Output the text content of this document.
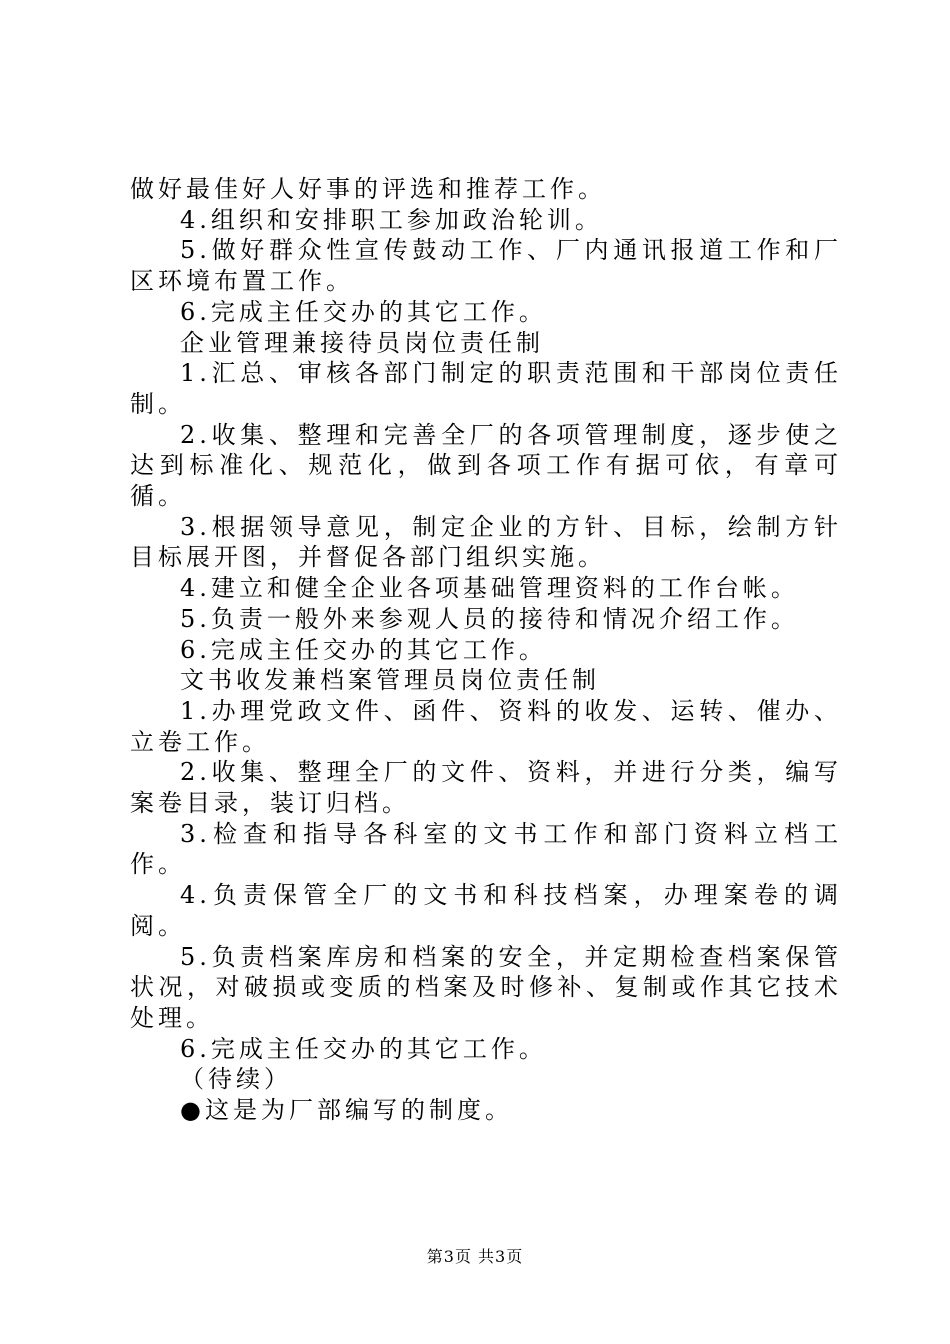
做好最佳好人好事的评选和推荐工作。

4.组织和安排职工参加政治轮训。

5.做好群众性宣传鼓动工作、厂内通讯报道工作和厂区环境布置工作。

6.完成主任交办的其它工作。

企业管理兼接待员岗位责任制

1.汇总、审核各部门制定的职责范围和干部岗位责任制。

2.收集、整理和完善全厂的各项管理制度，逐步使之达到标准化、规范化，做到各项工作有据可依，有章可循。

3.根据领导意见，制定企业的方针、目标，绘制方针目标展开图，并督促各部门组织实施。

4.建立和健全企业各项基础管理资料的工作台帐。

5.负责一般外来参观人员的接待和情况介绍工作。

6.完成主任交办的其它工作。

文书收发兼档案管理员岗位责任制

1.办理党政文件、函件、资料的收发、运转、催办、立卷工作。

2.收集、整理全厂的文件、资料，并进行分类，编写案卷目录，装订归档。

3.检查和指导各科室的文书工作和部门资料立档工作。

4.负责保管全厂的文书和科技档案，办理案卷的调阅。

5.负责档案库房和档案的安全，并定期检查档案保管状况，对破损或变质的档案及时修补、复制或作其它技术处理。

6.完成主任交办的其它工作。

（待续）

●这是为厂部编写的制度。

第3页 共3页
